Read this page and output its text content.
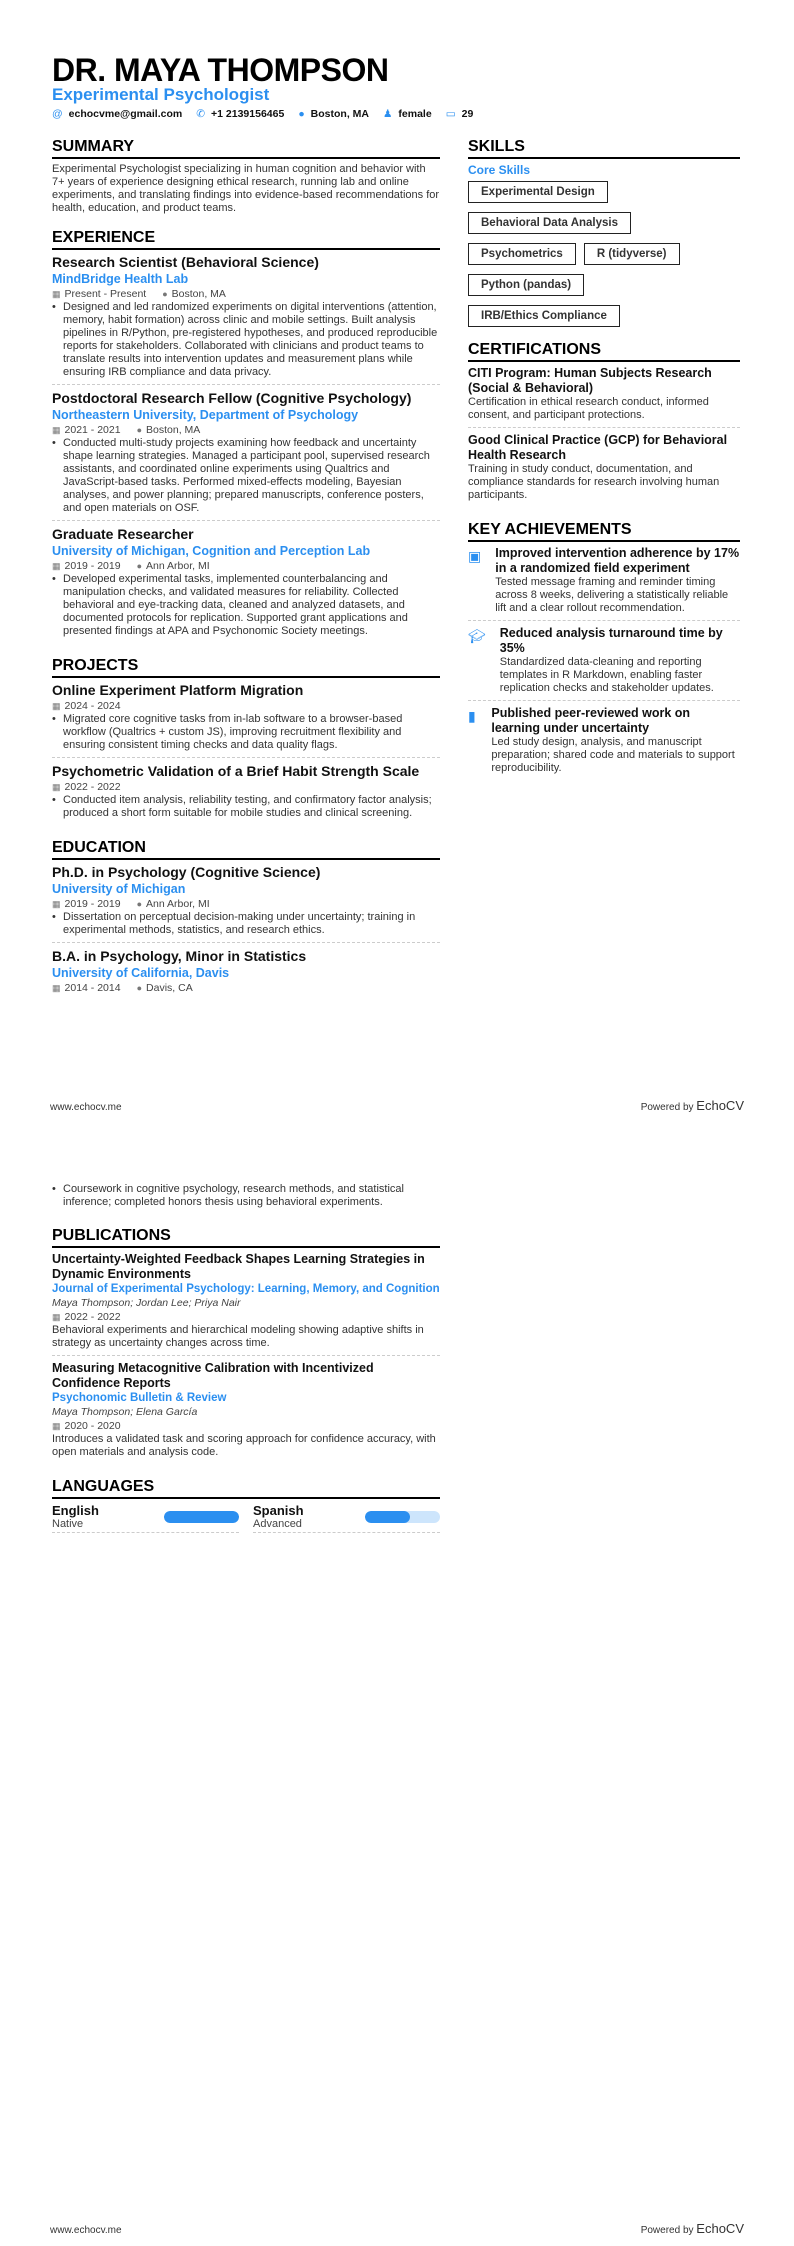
DR. MAYA THOMPSON
Experimental Psychologist
@ echocvme@gmail.com ✆ +1 2139156465 ● Boston, MA ♟ female ▭ 29
SUMMARY

Experimental Psychologist specializing in human cognition and behavior with 7+ years of experience designing ethical research, running lab and online experiments, and translating findings into evidence-based recommendations for health, education, and product teams.

EXPERIENCE
Research Scientist (Behavioral Science)
MindBridge Health Lab
▦ Present - Present ● Boston, MA
• Designed and led randomized experiments on digital interventions (attention, memory, habit formation) across clinic and mobile settings. Built analysis pipelines in R/Python, pre-registered hypotheses, and produced reproducible reports for stakeholders. Collaborated with clinicians and product teams to translate results into intervention updates and measurement plans while ensuring IRB compliance and data privacy.
Postdoctoral Research Fellow (Cognitive Psychology)
Northeastern University, Department of Psychology
▦ 2021 - 2021 ● Boston, MA
• Conducted multi-study projects examining how feedback and uncertainty shape learning strategies. Managed a participant pool, supervised research assistants, and coordinated online experiments using Qualtrics and JavaScript-based tasks. Performed mixed-effects modeling, Bayesian analyses, and power planning; prepared manuscripts, conference posters, and open materials on OSF.
Graduate Researcher
University of Michigan, Cognition and Perception Lab
▦ 2019 - 2019 ● Ann Arbor, MI
• Developed experimental tasks, implemented counterbalancing and manipulation checks, and validated measures for reliability. Collected behavioral and eye-tracking data, cleaned and analyzed datasets, and documented protocols for replication. Supported grant applications and presented findings at APA and Psychonomic Society meetings.
PROJECTS
Online Experiment Platform Migration
▦ 2024 - 2024
• Migrated core cognitive tasks from in-lab software to a browser-based workflow (Qualtrics + custom JS), improving recruitment flexibility and ensuring consistent timing checks and data quality flags.
Psychometric Validation of a Brief Habit Strength Scale
▦ 2022 - 2022
• Conducted item analysis, reliability testing, and confirmatory factor analysis; produced a short form suitable for mobile studies and clinical screening.
EDUCATION
Ph.D. in Psychology (Cognitive Science)
University of Michigan
▦ 2019 - 2019 ● Ann Arbor, MI
• Dissertation on perceptual decision-making under uncertainty; training in experimental methods, statistics, and research ethics.
B.A. in Psychology, Minor in Statistics
University of California, Davis
▦ 2014 - 2014 ● Davis, CA
SKILLS
Core Skills
Experimental Design
Behavioral Data Analysis
Psychometrics	R (tidyverse)
Python (pandas)
IRB/Ethics Compliance
CERTIFICATIONS
CITI Program: Human Subjects Research (Social & Behavioral)

Certification in ethical research conduct, informed consent, and participant protections.

Good Clinical Practice (GCP) for Behavioral Health Research

Training in study conduct, documentation, and compliance standards for research involving human participants.

KEY ACHIEVEMENTS
▣ Improved intervention adherence by 17% in a randomized field experiment

Tested message framing and reminder timing across 8 weeks, delivering a statistically reliable lift and a clear rollout recommendation.

🎓︎ Reduced analysis turnaround time by 35%

Standardized data-cleaning and reporting templates in R Markdown, enabling faster replication checks and stakeholder updates.

▮ Published peer-reviewed work on learning under uncertainty

Led study design, analysis, and manuscript preparation; shared code and materials to support reproducibility.

www.echocv.me	Powered by EchoCV
• Coursework in cognitive psychology, research methods, and statistical inference; completed honors thesis using behavioral experiments.
PUBLICATIONS
Uncertainty-Weighted Feedback Shapes Learning Strategies in Dynamic Environments
Journal of Experimental Psychology: Learning, Memory, and Cognition
Maya Thompson; Jordan Lee; Priya Nair
▦ 2022 - 2022

Behavioral experiments and hierarchical modeling showing adaptive shifts in strategy as uncertainty changes across time.

Measuring Metacognitive Calibration with Incentivized Confidence Reports
Psychonomic Bulletin & Review
Maya Thompson; Elena García
▦ 2020 - 2020

Introduces a validated task and scoring approach for confidence accuracy, with open materials and analysis code.

LANGUAGES
English
Native
Spanish
Advanced
www.echocv.me	Powered by EchoCV
